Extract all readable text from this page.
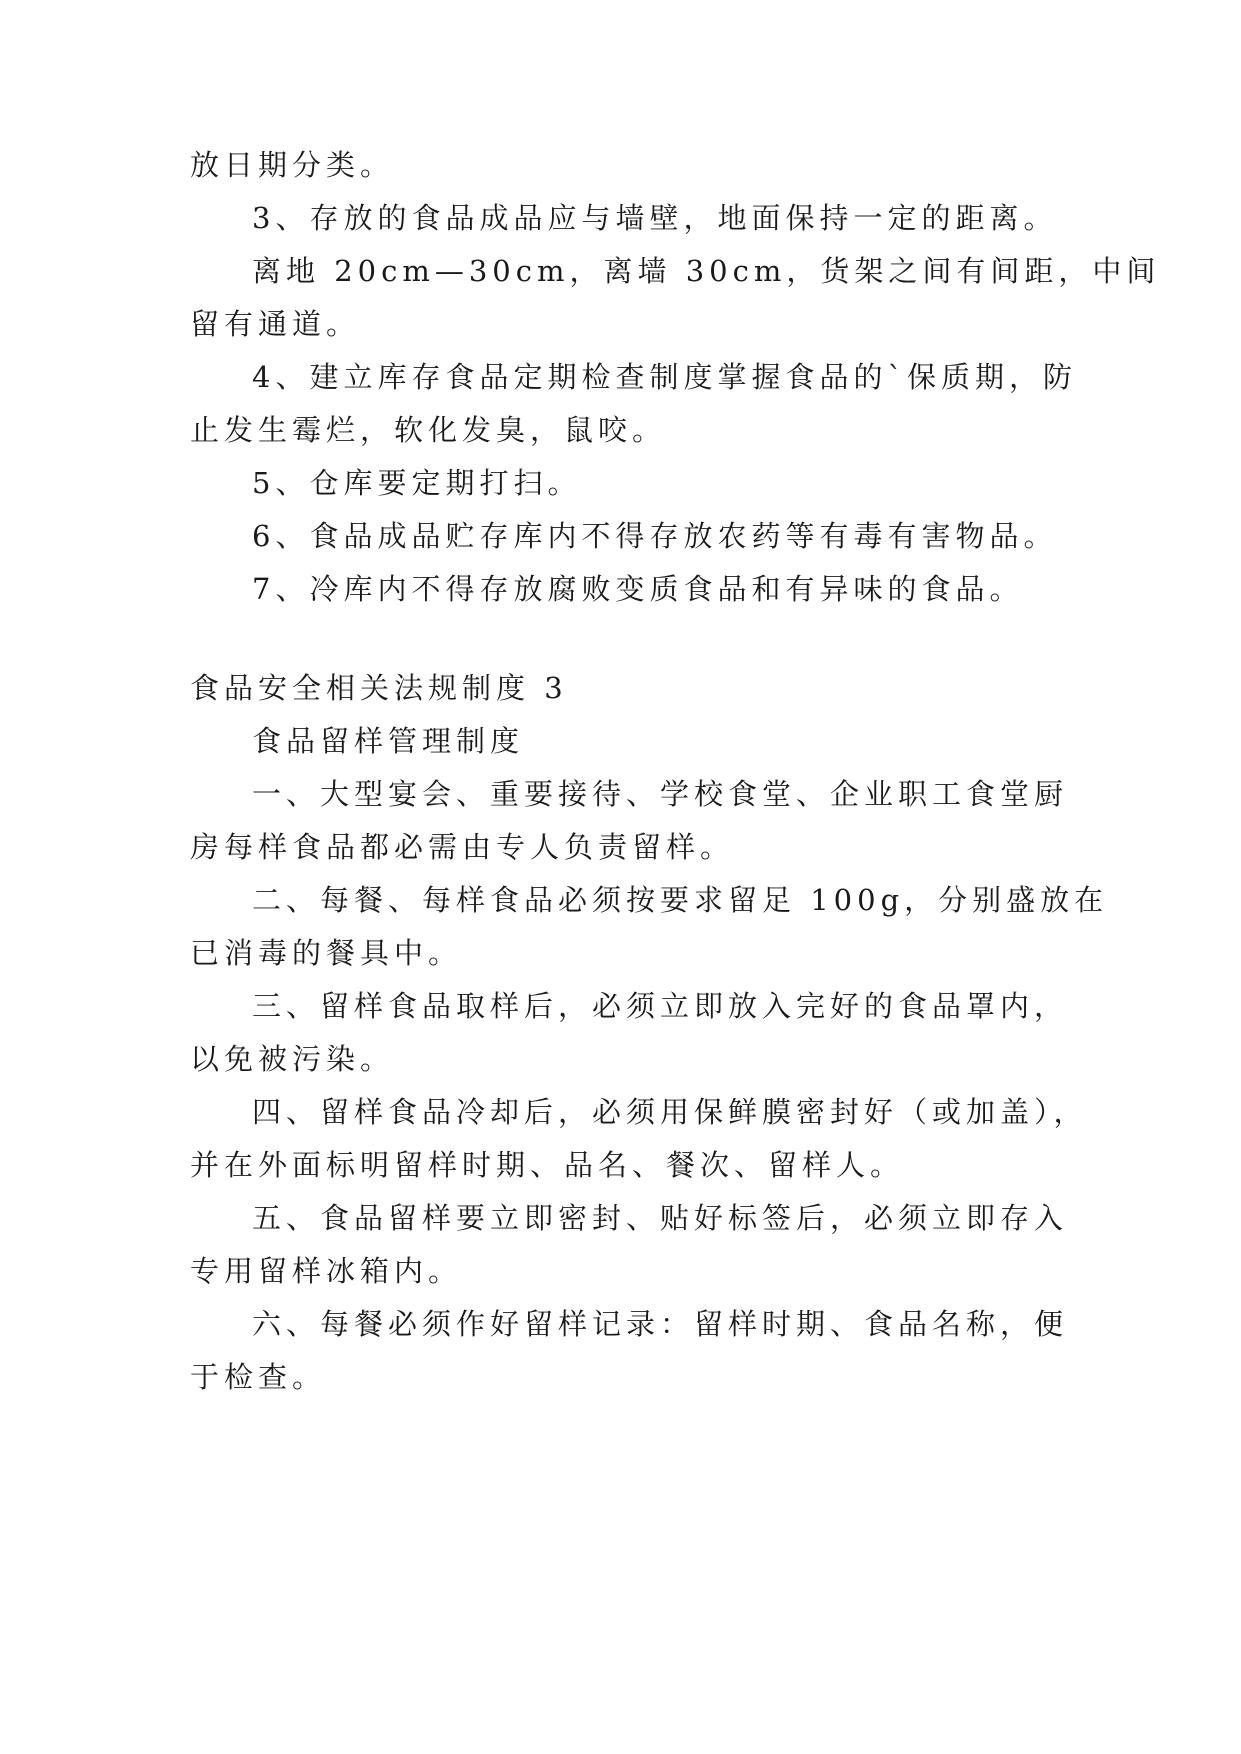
放日期分类。
3、存放的食品成品应与墙壁，地面保持一定的距离。
离地 20cm—30cm，离墙 30cm，货架之间有间距，中间
留有通道。
4、建立库存食品定期检查制度掌握食品的`保质期，防
止发生霉烂，软化发臭，鼠咬。
5、仓库要定期打扫。
6、食品成品贮存库内不得存放农药等有毒有害物品。
7、冷库内不得存放腐败变质食品和有异味的食品。
食品安全相关法规制度 3
食品留样管理制度
一、大型宴会、重要接待、学校食堂、企业职工食堂厨
房每样食品都必需由专人负责留样。
二、每餐、每样食品必须按要求留足 100g，分别盛放在
已消毒的餐具中。
三、留样食品取样后，必须立即放入完好的食品罩内，
以免被污染。
四、留样食品冷却后，必须用保鲜膜密封好（或加盖），
并在外面标明留样时期、品名、餐次、留样人。
五、食品留样要立即密封、贴好标签后，必须立即存入
专用留样冰箱内。
六、每餐必须作好留样记录：留样时期、食品名称，便
于检查。
